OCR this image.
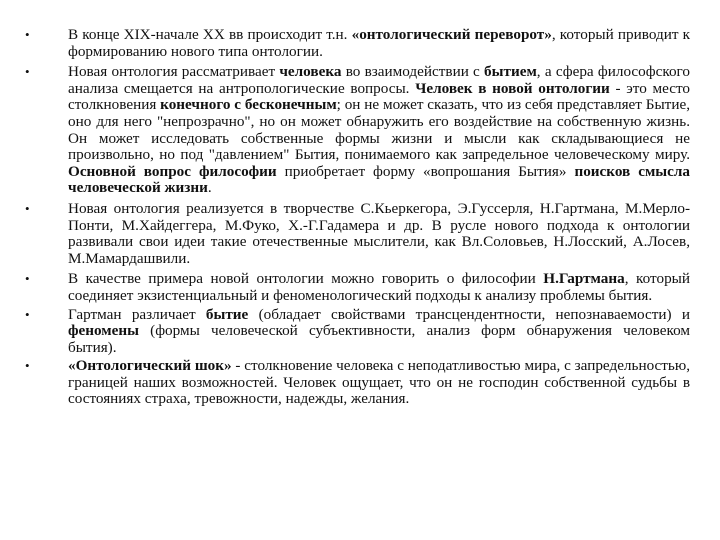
•	В конце XIX-начале XX вв происходит т.н. «онтологический переворот», который приводит к формированию нового типа онтологии.
•	Новая онтология рассматривает человека во взаимодействии с бытием, а сфера философского анализа смещается на антропологические вопросы. Человек в новой онтологии - это место столкновения конечного с бесконечным; он не может сказать, что из себя представляет Бытие, оно для него "непрозрачно", но он может обнаружить его воздействие на собственную жизнь. Он может исследовать собственные формы жизни и мысли как складывающиеся не произвольно, но под "давлением" Бытия, понимаемого как запредельное человеческому миру. Основной вопрос философии приобретает форму «вопрошания Бытия» поисков смысла человеческой жизни.
•	Новая онтология реализуется в творчестве С.Кьеркегора, Э.Гуссерля, Н.Гартмана, М.Мерло-Понти, М.Хайдеггера, М.Фуко, Х.-Г.Гадамера и др. В русле нового подхода к онтологии развивали свои идеи такие отечественные мыслители, как Вл.Соловьев, Н.Лосский, А.Лосев, М.Мамардашвили.
•	В качестве примера новой онтологии можно говорить о философии Н.Гартмана, который соединяет экзистенциальный и феноменологический подходы к анализу проблемы бытия.
•	Гартман различает бытие (обладает свойствами трансцендентности, непознаваемости) и феномены (формы человеческой субъективности, анализ форм обнаружения человеком бытия).
•	«Онтологический шок» - столкновение человека с неподатливостью мира, с запредельностью, границей наших возможностей. Человек ощущает, что он не господин собственной судьбы в состояниях страха, тревожности, надежды, желания.
